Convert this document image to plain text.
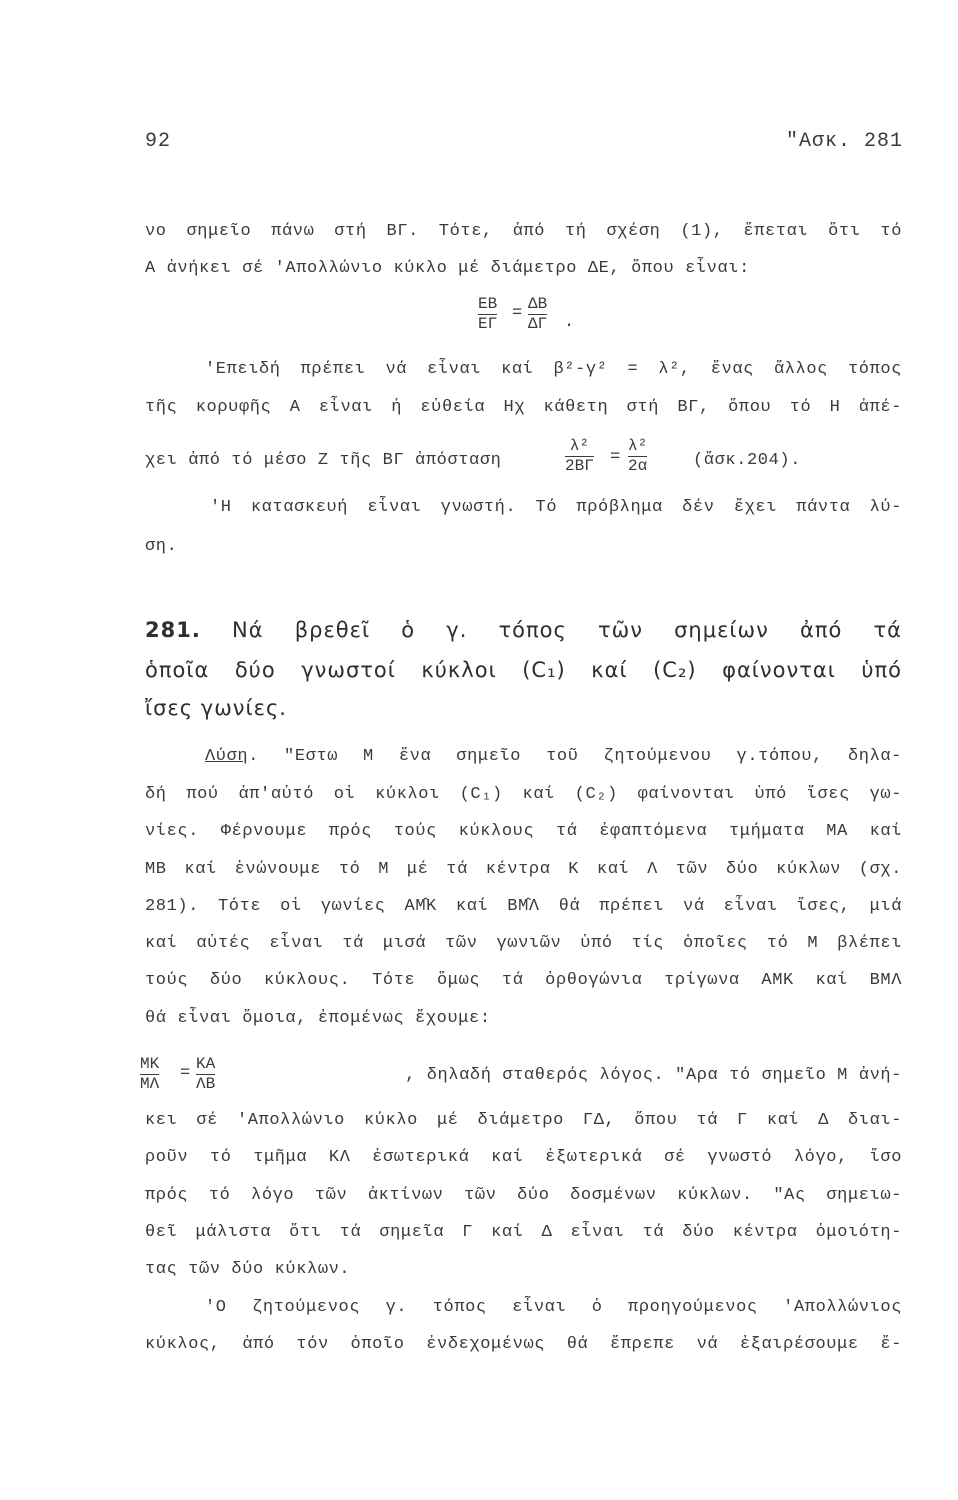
92	"Ασκ. 281
νο σημεῖο πάνω στή ΒΓ. Τότε, ἀπό τή σχέση (1), ἕπεται ὅτι τό
Α ἀνήκει σέ 'Απολλώνιο κύκλο μέ διάμετρο ΔΕ, ὅπου εἶναι:
$\frac{EB}{E\Gamma} = \frac{\Delta B}{\Delta\Gamma}$ .
'Επειδή πρέπει νά εἶναι καί β²-γ² = λ², ἕνας ἄλλος τόπος
τῆς κορυφῆς Α εἶναι ἡ εὐθεία Ηχ κάθετη στή ΒΓ, ὅπου τό Η ἀπέ-
χει ἀπό τό μέσο Ζ τῆς ΒΓ ἀπόσταση	$\frac{\text{λ²}}{2B\Gamma} = \frac{\text{λ²}}{2\alpha}$	(ἄσκ.204).
'Η κατασκευή εἶναι γνωστή. Τό πρόβλημα δέν ἔχει πάντα λύ-
ση.
281. Νά βρεθεῖ ὁ γ. τόπος τῶν σημείων ἀπό τά
ὁποῖα δύο γνωστοί κύκλοι (C₁) καί (C₂) φαίνονται ὑπό
ἴσες γωνίες.
Λύση. "Εστω Μ ἕνα σημεῖο τοῦ ζητούμενου γ.τόπου, δηλα-
δή πού ἀπ'αὐτό οἱ κύκλοι (C₁) καί (C₂) φαίνονται ὑπό ἴσες γω-
νίες. Φέρνουμε πρός τούς κύκλους τά ἐφαπτόμενα τμήματα ΜΑ καί
ΜΒ καί ἑνώνουμε τό Μ μέ τά κέντρα Κ καί Λ τῶν δύο κύκλων (σχ.
281). Τότε οἱ γωνίες ΑΜ̂Κ καί ΒΜ̂Λ θά πρέπει νά εἶναι ἴσες, μιά
καί αὐτές εἶναι τά μισά τῶν γωνιῶν ὑπό τίς ὁποῖες τό Μ βλέπει
τούς δύο κύκλους. Τότε ὅμως τά ὀρθογώνια τρίγωνα ΑΜΚ καί ΒΜΛ
θά εἶναι ὅμοια, ἐπομένως ἔχουμε:
$\frac{MK}{M\Lambda} = \frac{KA}{\Lambda B}$	, δηλαδή σταθερός λόγος. "Αρα τό σημεῖο Μ ἀνή-
κει σέ 'Απολλώνιο κύκλο μέ διάμετρο ΓΔ, ὅπου τά Γ καί Δ διαι-
ροῦν τό τμῆμα ΚΛ ἐσωτερικά καί ἐξωτερικά σέ γνωστό λόγο, ἴσο
πρός τό λόγο τῶν ἀκτίνων τῶν δύο δοσμένων κύκλων. "Ας σημειω-
θεῖ μάλιστα ὅτι τά σημεῖα Γ καί Δ εἶναι τά δύο κέντρα ὁμοιότη-
τας τῶν δύο κύκλων.
'Ο ζητούμενος γ. τόπος εἶναι ὁ προηγούμενος 'Απολλώνιος
κύκλος, ἀπό τόν ὁποῖο ἐνδεχομένως θά ἔπρεπε νά ἐξαιρέσουμε ἔ-
